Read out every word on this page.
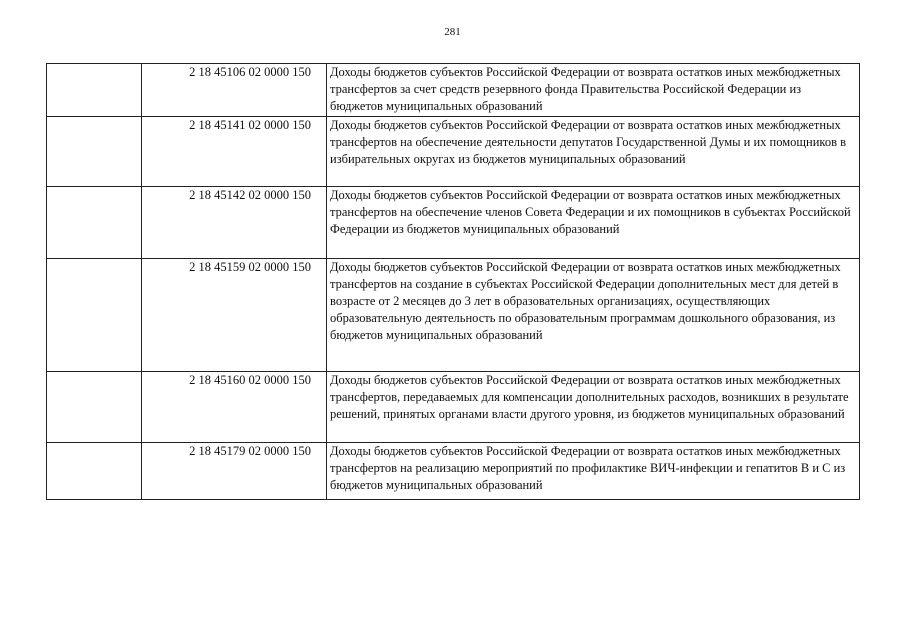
281
	2 18 45106 02 0000 150	Доходы бюджетов субъектов Российской Федерации от возврата остатков иных межбюджетных трансфертов за счет средств резервного фонда Правительства Российской Федерации из бюджетов муниципальных образований
	2 18 45141 02 0000 150	Доходы бюджетов субъектов Российской Федерации от возврата остатков иных межбюджетных трансфертов на обеспечение деятельности депутатов Государственной Думы и их помощников в избирательных округах из бюджетов муниципальных образований
	2 18 45142 02 0000 150	Доходы бюджетов субъектов Российской Федерации от возврата остатков иных межбюджетных трансфертов на обеспечение членов Совета Федерации и их помощников в субъектах Российской Федерации из бюджетов муниципальных образований
	2 18 45159 02 0000 150	Доходы бюджетов субъектов Российской Федерации от возврата остатков иных межбюджетных трансфертов на создание в субъектах Российской Федерации дополнительных мест для детей в возрасте от 2 месяцев до 3 лет в образовательных организациях, осуществляющих образовательную деятельность по образовательным программам дошкольного образования, из бюджетов муниципальных образований
	2 18 45160 02 0000 150	Доходы бюджетов субъектов Российской Федерации от возврата остатков иных межбюджетных трансфертов, передаваемых для компенсации дополнительных расходов, возникших в результате решений, принятых органами власти другого уровня, из бюджетов муниципальных образований
	2 18 45179 02 0000 150	Доходы бюджетов субъектов Российской Федерации от возврата остатков иных межбюджетных трансфертов на реализацию мероприятий по профилактике ВИЧ-инфекции и гепатитов В и С из бюджетов муниципальных образований
